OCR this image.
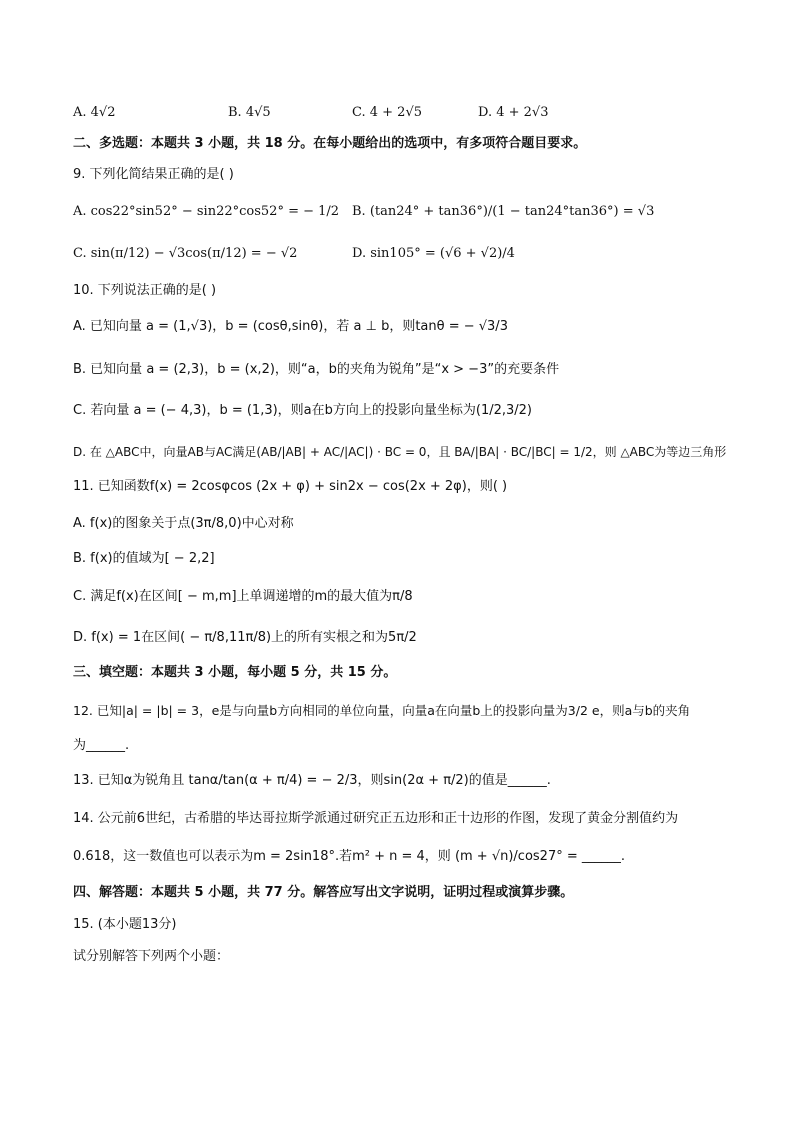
A. 4√2	B. 4√5	C. 4 + 2√5	D. 4 + 2√3
二、多选题：本题共 3 小题，共 18 分。在每小题给出的选项中，有多项符合题目要求。
9. 下列化简结果正确的是( )
A. cos22°sin52° − sin22°cos52° = − 1/2 B. (tan24° + tan36°)/(1 − tan24°tan36°) = √3
C. sin(π/12) − √3cos(π/12) = − √2	D. sin105° = (√6 + √2)/4
10. 下列说法正确的是( )
A. 已知向量 a = (1,√3)，b = (cosθ,sinθ)，若 a ⊥ b，则tanθ = − √3/3
B. 已知向量 a = (2,3)，b = (x,2)，则“a，b的夹角为锐角”是“x > −3”的充要条件
C. 若向量 a = (− 4,3)，b = (1,3)，则a在b方向上的投影向量坐标为(1/2,3/2)
D. 在 △ABC中，向量AB与AC满足(AB/|AB| + AC/|AC|) · BC = 0，且 BA/|BA| · BC/|BC| = 1/2，则 △ABC为等边三角形
11. 已知函数f(x) = 2cosφcos (2x + φ) + sin2x − cos(2x + 2φ)，则( )
A. f(x)的图象关于点(3π/8,0)中心对称
B. f(x)的值域为[ − 2,2]
C. 满足f(x)在区间[ − m,m]上单调递增的m的最大值为π/8
D. f(x) = 1在区间( − π/8,11π/8)上的所有实根之和为5π/2
三、填空题：本题共 3 小题，每小题 5 分，共 15 分。
12. 已知|a| = |b| = 3，e是与向量b方向相同的单位向量，向量a在向量b上的投影向量为3/2 e，则a与b的夹角
为______.
13. 已知α为锐角且 tanα/tan(α + π/4) = − 2/3，则sin(2α + π/2)的值是______.
14. 公元前6世纪，古希腊的毕达哥拉斯学派通过研究正五边形和正十边形的作图，发现了黄金分割值约为
0.618，这一数值也可以表示为m = 2sin18°.若m² + n = 4，则 (m + √n)/cos27° = ______.
四、解答题：本题共 5 小题，共 77 分。解答应写出文字说明，证明过程或演算步骤。
15. (本小题13分)
试分别解答下列两个小题：
